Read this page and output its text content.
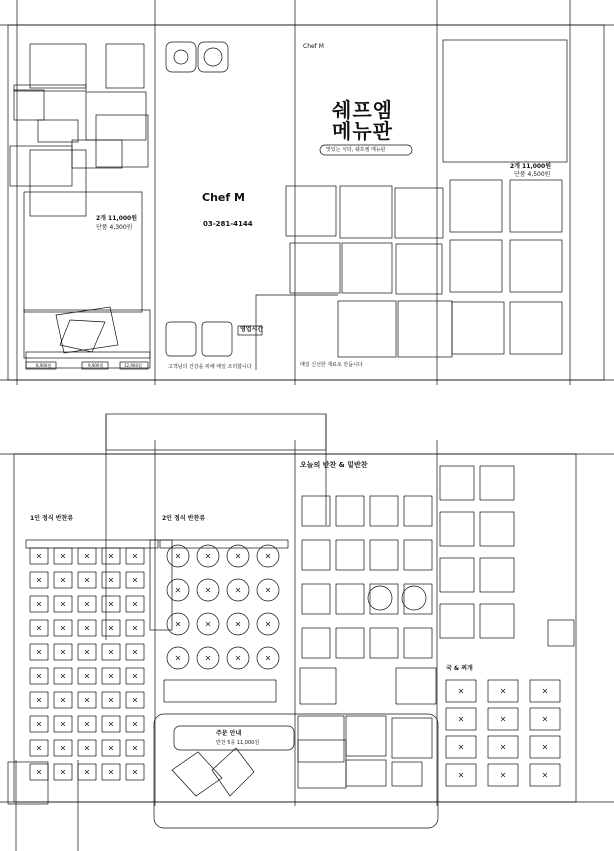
Chef M
03-281-4144
Chef M
쉐프엠
메뉴판
맛있는 식탁, 쉐프엠 메뉴판
매일 신선한 재료로 만듭니다
고객님의 건강을 위해 매일 조리합니다
영업시간
2개 11,000원
단품 4,300원
2개 11,000원
단품 4,500원
8,900원	9,900원	12,900원
1인 정식 반찬류	2인 정식 반찬류
오늘의 반찬 & 밑반찬
국 & 찌개
주문 안내
반찬 5종 11,000원
